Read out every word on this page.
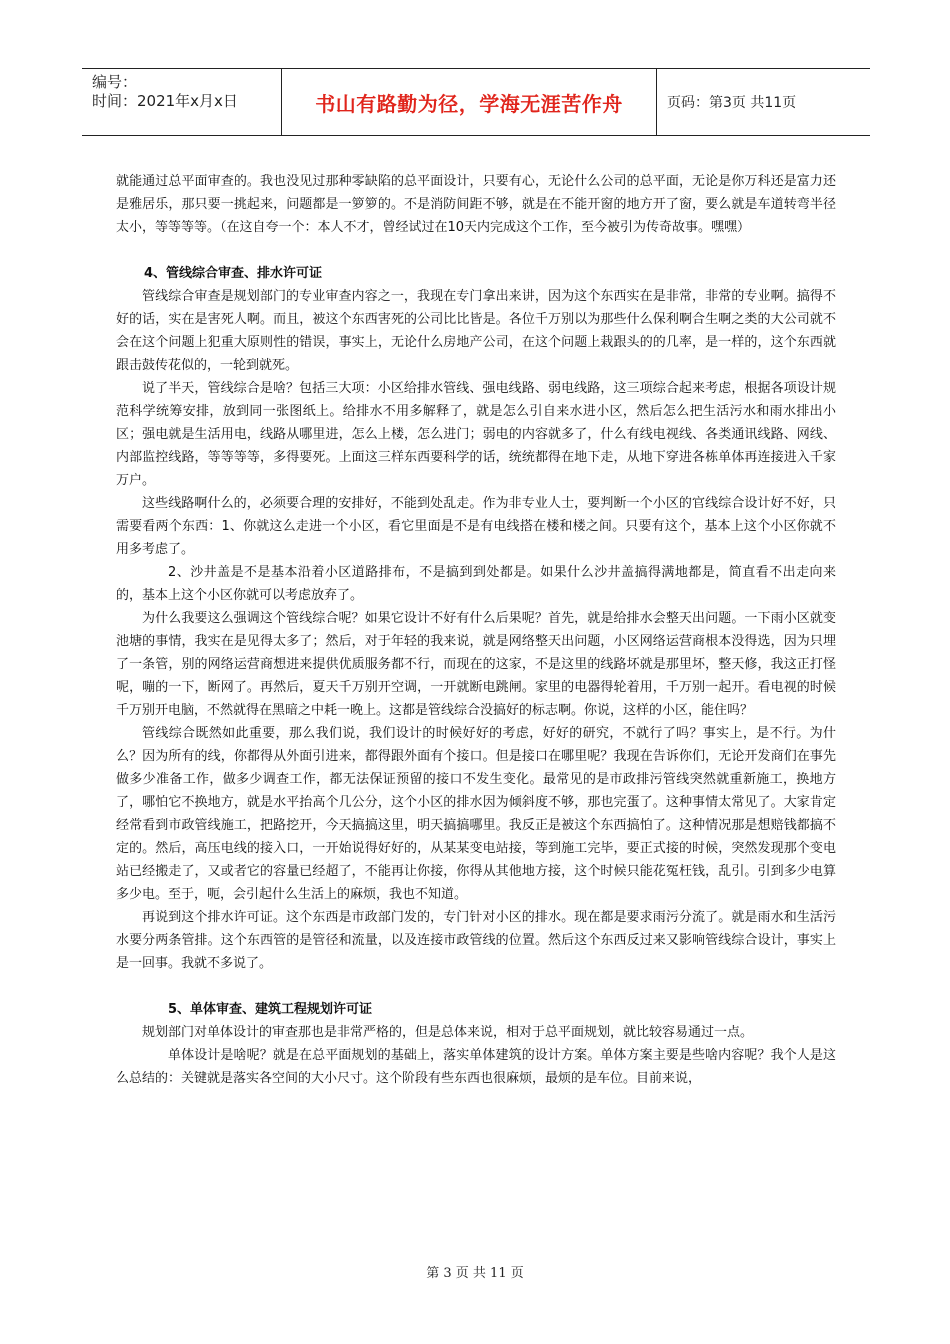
编号：
时间：2021年x月x日	书山有路勤为径，学海无涯苦作舟	页码：第3页 共11页

就能通过总平面审查的。我也没见过那种零缺陷的总平面设计，只要有心，无论什么公司的总平面，无论是你万科还是富力还是雅居乐，那只要一挑起来，问题都是一箩箩的。不是消防间距不够，就是在不能开窗的地方开了窗，要么就是车道转弯半径太小，等等等等。（在这自夸一个：本人不才，曾经试过在10天内完成这个工作，至今被引为传奇故事。嘿嘿）

4、管线综合审查、排水许可证

管线综合审查是规划部门的专业审查内容之一，我现在专门拿出来讲，因为这个东西实在是非常，非常的专业啊。搞得不好的话，实在是害死人啊。而且，被这个东西害死的公司比比皆是。各位千万别以为那些什么保利啊合生啊之类的大公司就不会在这个问题上犯重大原则性的错误，事实上，无论什么房地产公司，在这个问题上栽跟头的的几率，是一样的，这个东西就跟击鼓传花似的，一轮到就死。

说了半天，管线综合是啥？包括三大项：小区给排水管线、强电线路、弱电线路，这三项综合起来考虑，根据各项设计规范科学统筹安排，放到同一张图纸上。给排水不用多解释了，就是怎么引自来水进小区，然后怎么把生活污水和雨水排出小区；强电就是生活用电，线路从哪里进，怎么上楼，怎么进门；弱电的内容就多了，什么有线电视线、各类通讯线路、网线、内部监控线路，等等等等，多得要死。上面这三样东西要科学的话，统统都得在地下走，从地下穿进各栋单体再连接进入千家万户。

这些线路啊什么的，必须要合理的安排好，不能到处乱走。作为非专业人士，要判断一个小区的官线综合设计好不好，只需要看两个东西：1、你就这么走进一个小区，看它里面是不是有电线搭在楼和楼之间。只要有这个，基本上这个小区你就不用多考虑了。

2、沙井盖是不是基本沿着小区道路排布，不是搞到到处都是。如果什么沙井盖搞得满地都是，简直看不出走向来的，基本上这个小区你就可以考虑放弃了。

为什么我要这么强调这个管线综合呢？如果它设计不好有什么后果呢？首先，就是给排水会整天出问题。一下雨小区就变池塘的事情，我实在是见得太多了；然后，对于年轻的我来说，就是网络整天出问题，小区网络运营商根本没得选，因为只埋了一条管，别的网络运营商想进来提供优质服务都不行，而现在的这家，不是这里的线路坏就是那里坏，整天修，我这正打怪呢，嘣的一下，断网了。再然后，夏天千万别开空调，一开就断电跳闸。家里的电器得轮着用，千万别一起开。看电视的时候千万别开电脑，不然就得在黑暗之中耗一晚上。这都是管线综合没搞好的标志啊。你说，这样的小区，能住吗？

管线综合既然如此重要，那么我们说，我们设计的时候好好的考虑，好好的研究，不就行了吗？事实上，是不行。为什么？因为所有的线，你都得从外面引进来，都得跟外面有个接口。但是接口在哪里呢？我现在告诉你们，无论开发商们在事先做多少准备工作，做多少调查工作，都无法保证预留的接口不发生变化。最常见的是市政排污管线突然就重新施工，换地方了，哪怕它不换地方，就是水平抬高个几公分，这个小区的排水因为倾斜度不够，那也完蛋了。这种事情太常见了。大家肯定经常看到市政管线施工，把路挖开，今天搞搞这里，明天搞搞哪里。我反正是被这个东西搞怕了。这种情况那是想赔钱都搞不定的。然后，高压电线的接入口，一开始说得好好的，从某某变电站接，等到施工完毕，要正式接的时候，突然发现那个变电站已经搬走了，又或者它的容量已经超了，不能再让你接，你得从其他地方接，这个时候只能花冤枉钱，乱引。引到多少电算多少电。至于，呃，会引起什么生活上的麻烦，我也不知道。

再说到这个排水许可证。这个东西是市政部门发的，专门针对小区的排水。现在都是要求雨污分流了。就是雨水和生活污水要分两条管排。这个东西管的是管径和流量，以及连接市政管线的位置。然后这个东西反过来又影响管线综合设计，事实上是一回事。我就不多说了。

5、单体审查、建筑工程规划许可证

规划部门对单体设计的审查那也是非常严格的，但是总体来说，相对于总平面规划，就比较容易通过一点。

单体设计是啥呢？就是在总平面规划的基础上，落实单体建筑的设计方案。单体方案主要是些啥内容呢？我个人是这么总结的：关键就是落实各空间的大小尺寸。这个阶段有些东西也很麻烦，最烦的是车位。目前来说，

第 3 页 共 11 页
